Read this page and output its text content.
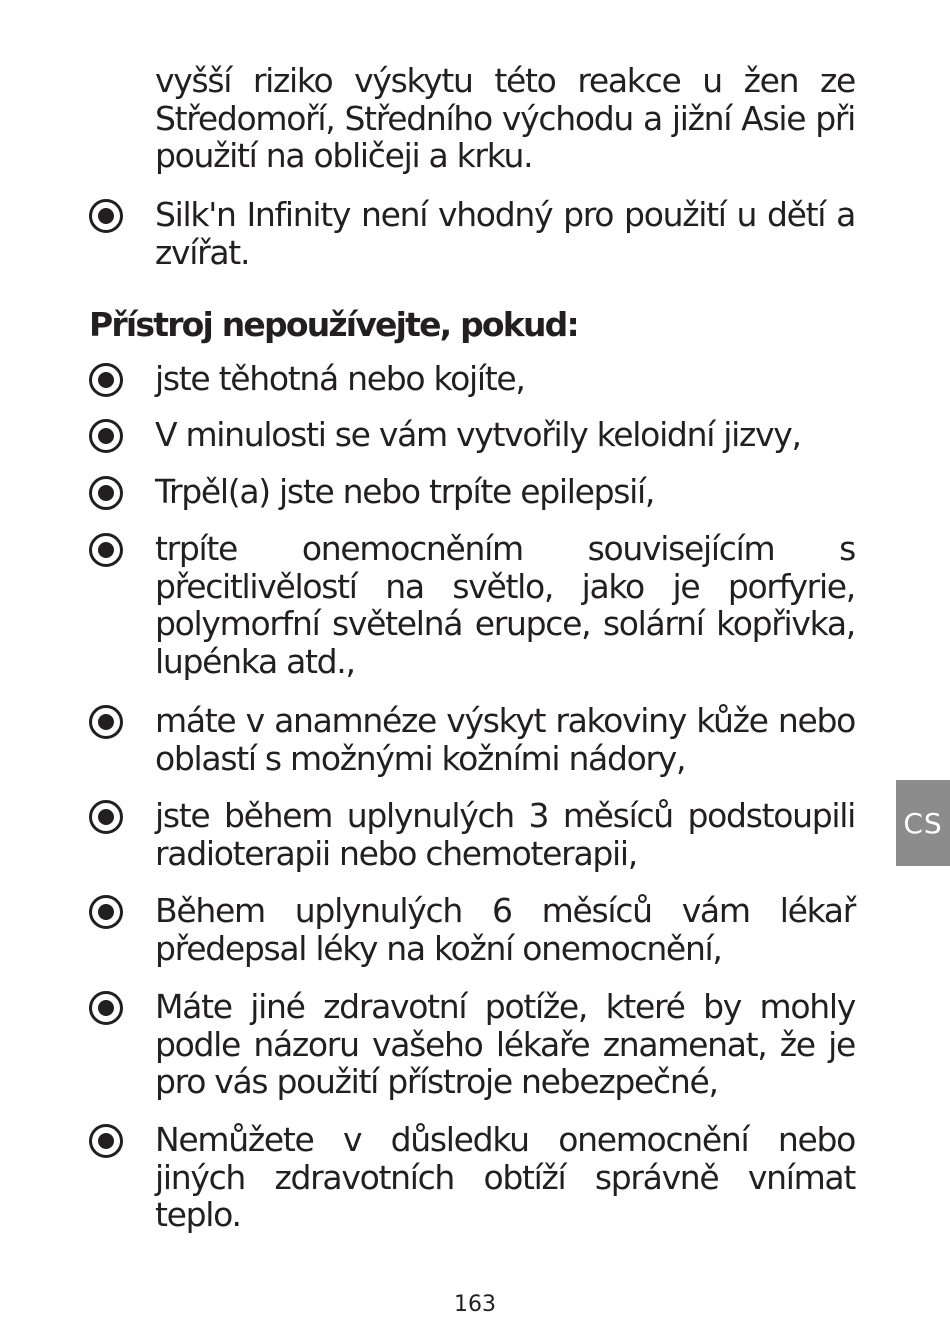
vyšší riziko výskytu této reakce u žen ze Středomoří, Středního východu a jižní Asie při použití na obličeji a krku.

Silk'n Infinity není vhodný pro použití u dětí a zvířat.

Přístroj nepoužívejte, pokud:

jste těhotná nebo kojíte,

V minulosti se vám vytvořily keloidní jizvy,

Trpěl(a) jste nebo trpíte epilepsií,

trpíte onemocněním souvisejícím s přecitlivělostí na světlo, jako je porfyrie, polymorfní světelná erupce, solární kopřivka, lupénka atd.,

máte v anamnéze výskyt rakoviny kůže nebo oblastí s možnými kožními nádory,

jste během uplynulých 3 měsíců podstoupili radioterapii nebo chemoterapii,

Během uplynulých 6 měsíců vám lékař předepsal léky na kožní onemocnění,

Máte jiné zdravotní potíže, které by mohly podle názoru vašeho lékaře znamenat, že je pro vás použití přístroje nebezpečné,

Nemůžete v důsledku onemocnění nebo jiných zdravotních obtíží správně vnímat teplo.

CS
163
